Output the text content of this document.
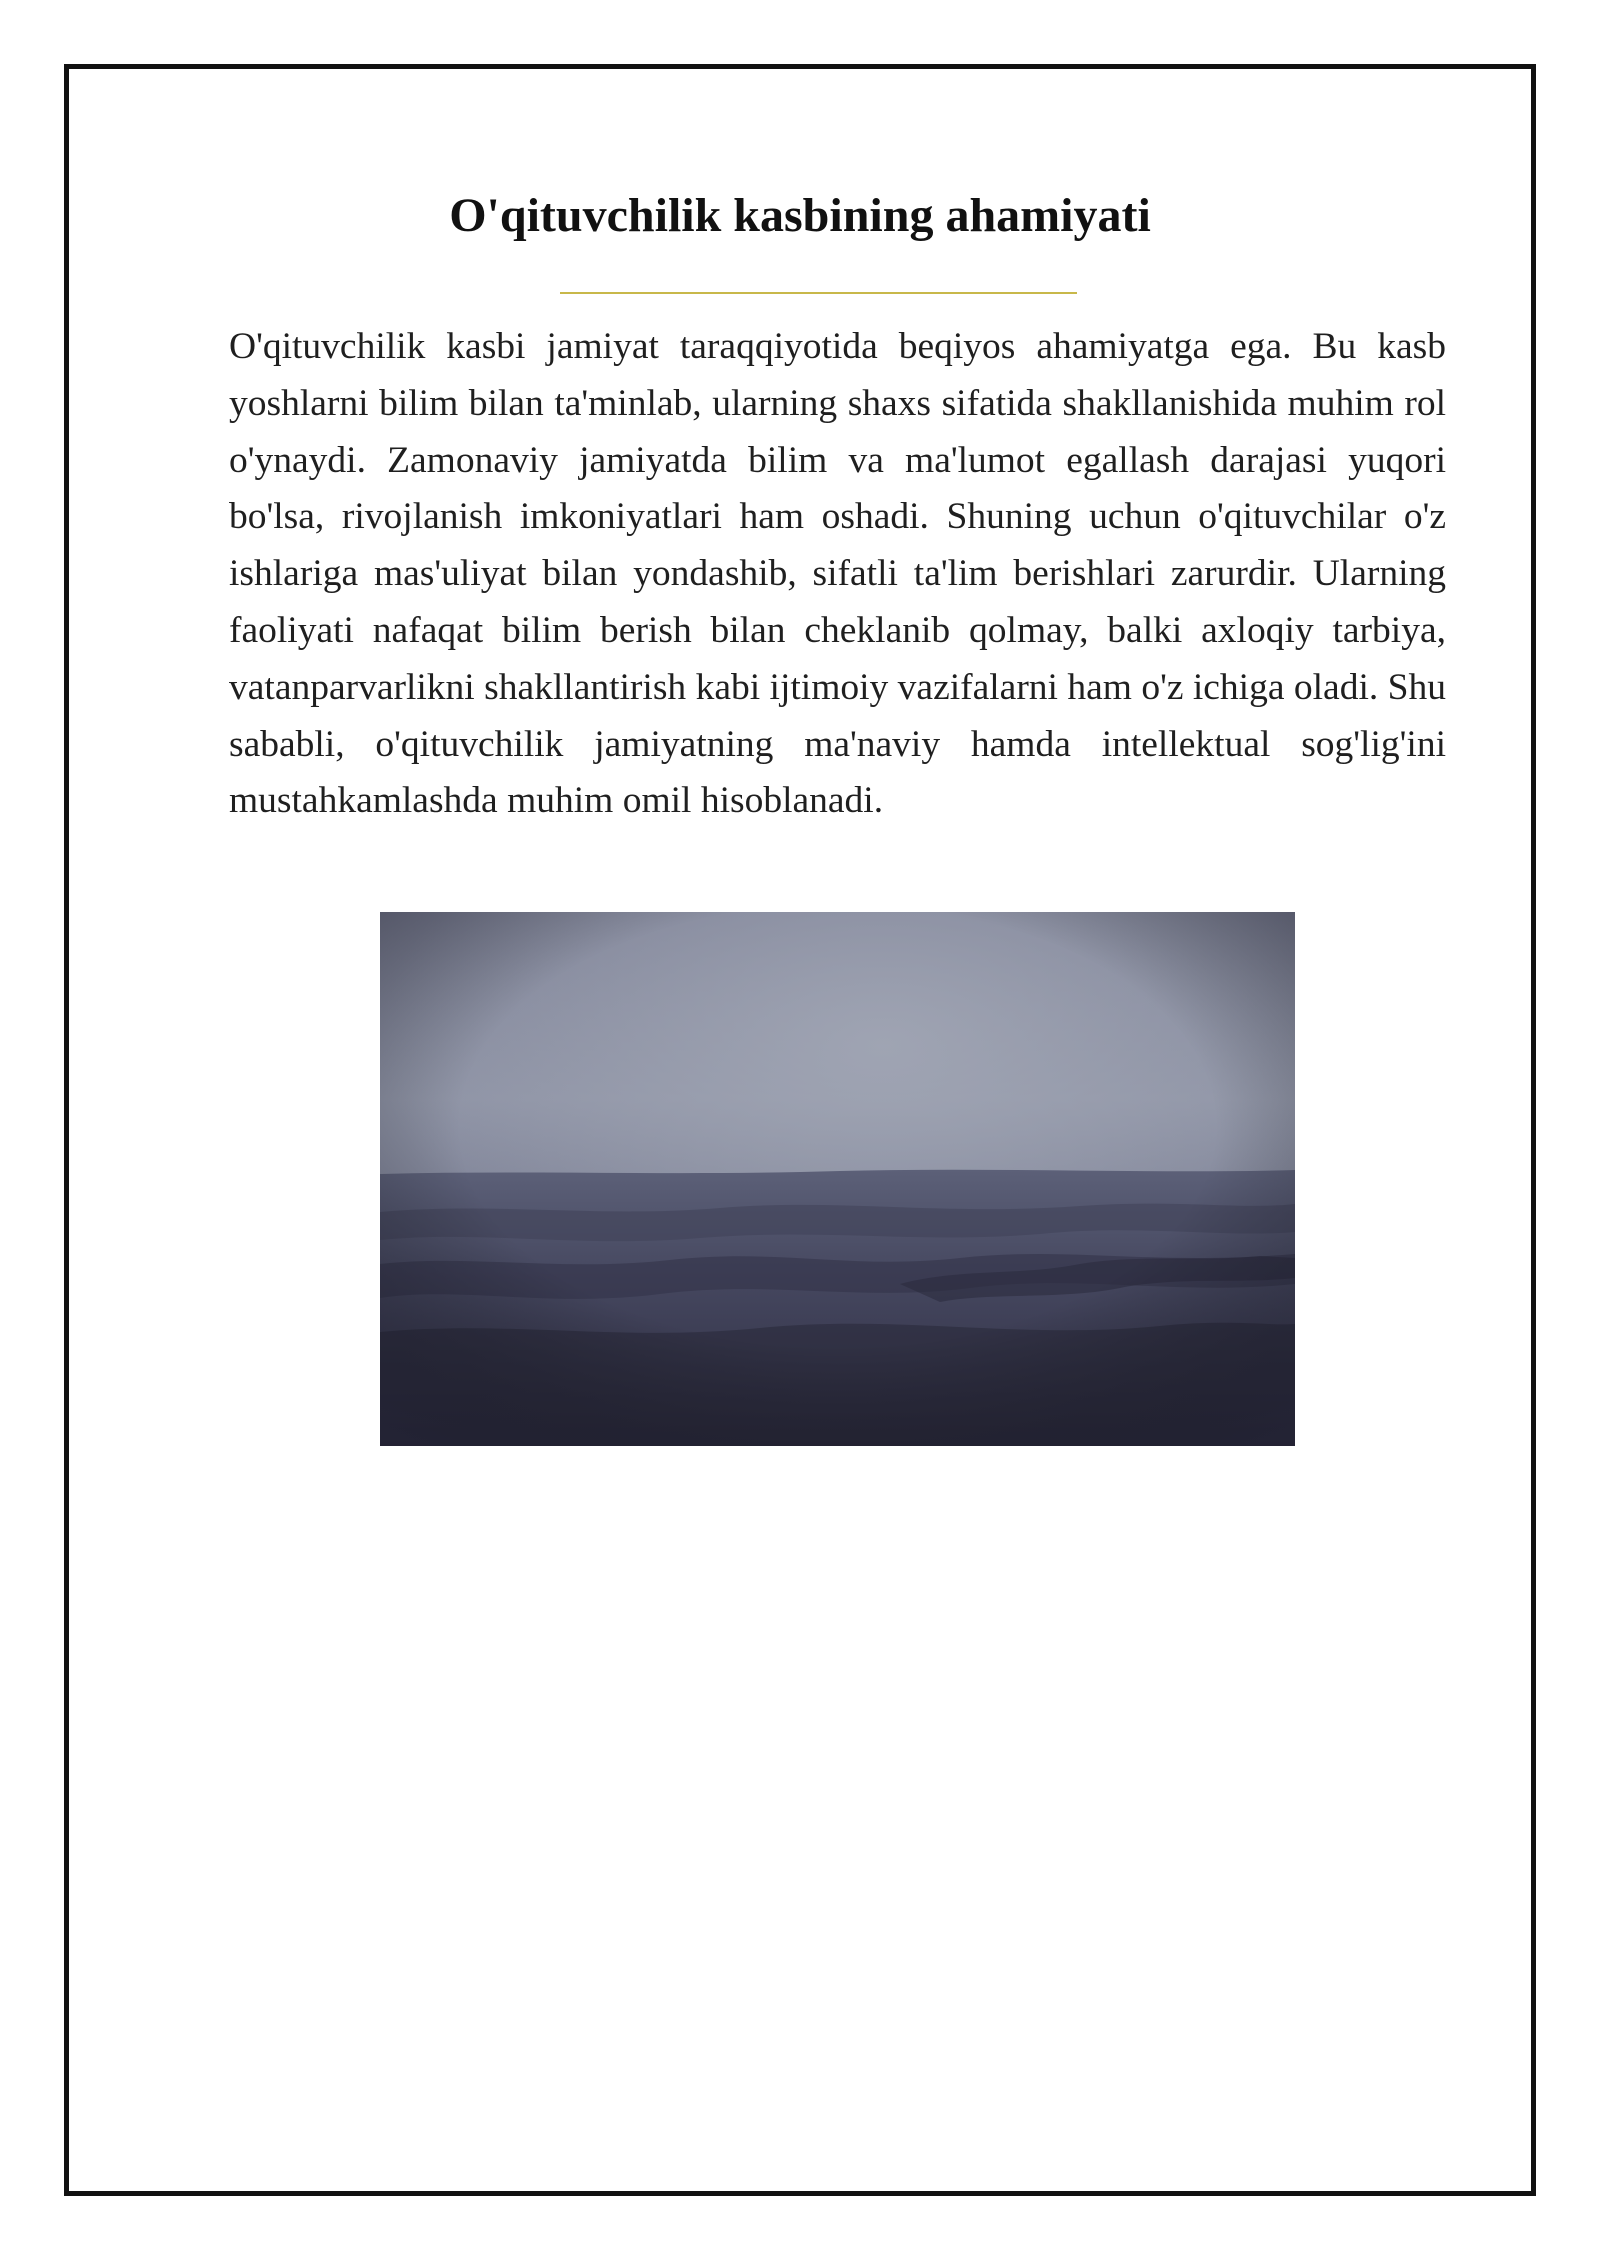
O'qituvchilik kasbining ahamiyati

O'qituvchilik kasbi jamiyat taraqqiyotida beqiyos ahamiyatga ega. Bu kasb yoshlarni bilim bilan ta'minlab, ularning shaxs sifatida shakllanishida muhim rol o'ynaydi. Zamonaviy jamiyatda bilim va ma'lumot egallash darajasi yuqori bo'lsa, rivojlanish imkoniyatlari ham oshadi. Shuning uchun o'qituvchilar o'z ishlariga mas'uliyat bilan yondashib, sifatli ta'lim berishlari zarurdir. Ularning faoliyati nafaqat bilim berish bilan cheklanib qolmay, balki axloqiy tarbiya, vatanparvarlikni shakllantirish kabi ijtimoiy vazifalarni ham o'z ichiga oladi. Shu sababli, o'qituvchilik jamiyatning ma'naviy hamda intellektual sog'lig'ini mustahkamlashda muhim omil hisoblanadi.
